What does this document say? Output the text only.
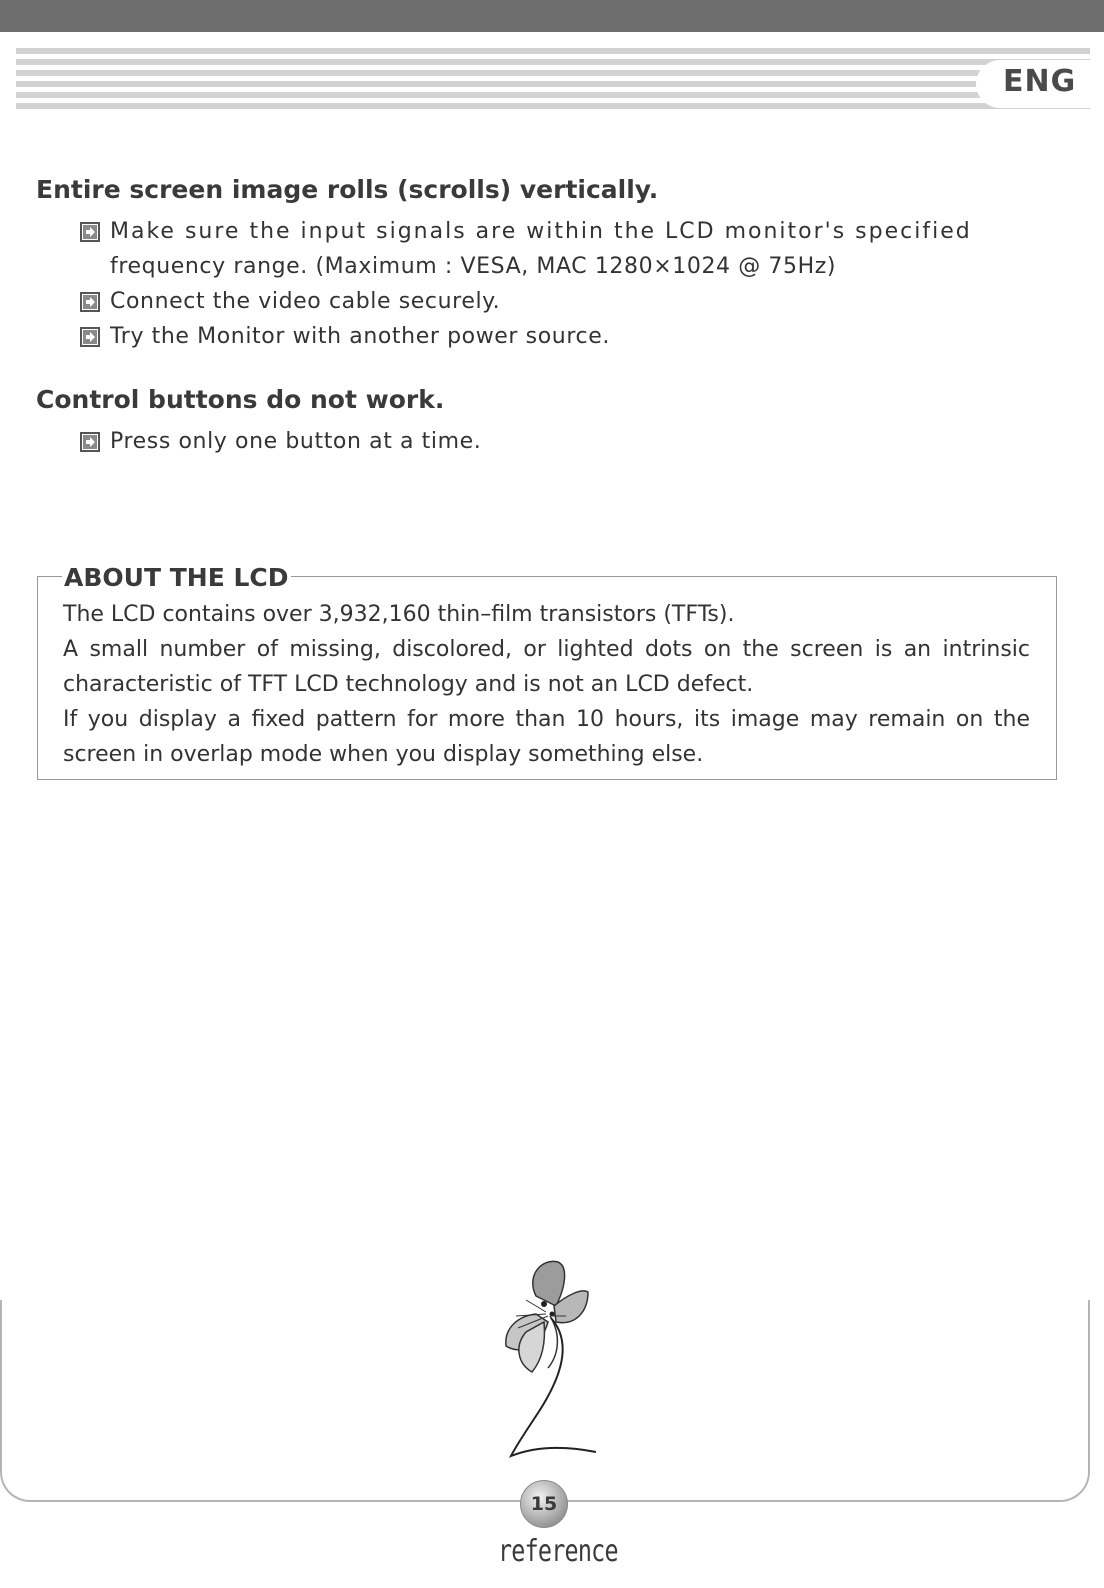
ENG
Entire screen image rolls (scrolls) vertically.
Make sure the input signals are within the LCD monitor's specified
frequency range. (Maximum : VESA, MAC 1280×1024 @ 75Hz)
Connect the video cable securely.
Try the Monitor with another power source.
Control buttons do not work.
Press only one button at a time.
ABOUT THE LCD

The LCD contains over 3,932,160 thin–film transistors (TFTs).

A small number of missing, discolored, or lighted dots on the screen is an intrinsic characteristic of TFT LCD technology and is not an LCD defect.

If you display a fixed pattern for more than 10 hours, its image may remain on the screen in overlap mode when you display something else.

15
reference
